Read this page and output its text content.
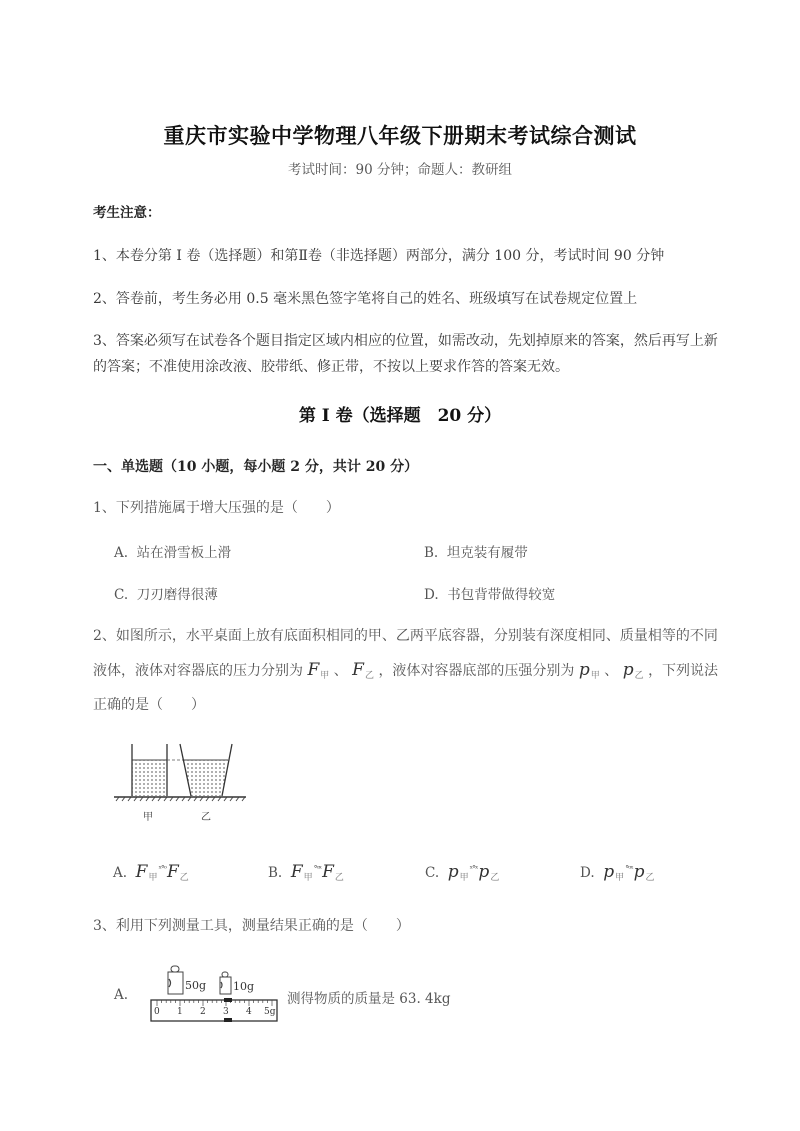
重庆市实验中学物理八年级下册期末考试综合测试
考试时间：90 分钟；命题人：教研组
考生注意：
1、本卷分第 I 卷（选择题）和第Ⅱ卷（非选择题）两部分，满分 100 分，考试时间 90 分钟
2、答卷前，考生务必用 0.5 毫米黑色签字笔将自己的姓名、班级填写在试卷规定位置上
3、答案必须写在试卷各个题目指定区域内相应的位置，如需改动，先划掉原来的答案，然后再写上新
的答案；不准使用涂改液、胶带纸、修正带，不按以上要求作答的答案无效。
第 I 卷（选择题　20 分）
一、单选题（10 小题，每小题 2 分，共计 20 分）
1、下列措施属于增大压强的是（　　）
A. 站在滑雪板上滑	B. 坦克装有履带
C. 刀刃磨得很薄	D. 书包背带做得较宽
2、如图所示，水平桌面上放有底面积相同的甲、乙两平底容器，分别装有深度相同、质量相等的不同
液体，液体对容器底的压力分别为 $F_甲$ 、 $F_乙$ ，液体对容器底部的压强分别为 $p_甲$ 、 $p_乙$ ，下列说法
正确的是（　　）
甲	乙
A. $F_甲^{ˣ^\circ ᵒ}F_乙$	B. $F_甲^{^\circ ᵒˣ}F_乙$	C. $p_甲^{ˣ^\circ ˣ}p_乙$	D. $p_甲^{^\circ ᵒˣ}p_乙$
3、利用下列测量工具，测量结果正确的是（　　）
A.
0 1 2 3 4 5g
50g 10g
测得物质的质量是 63. 4kg
